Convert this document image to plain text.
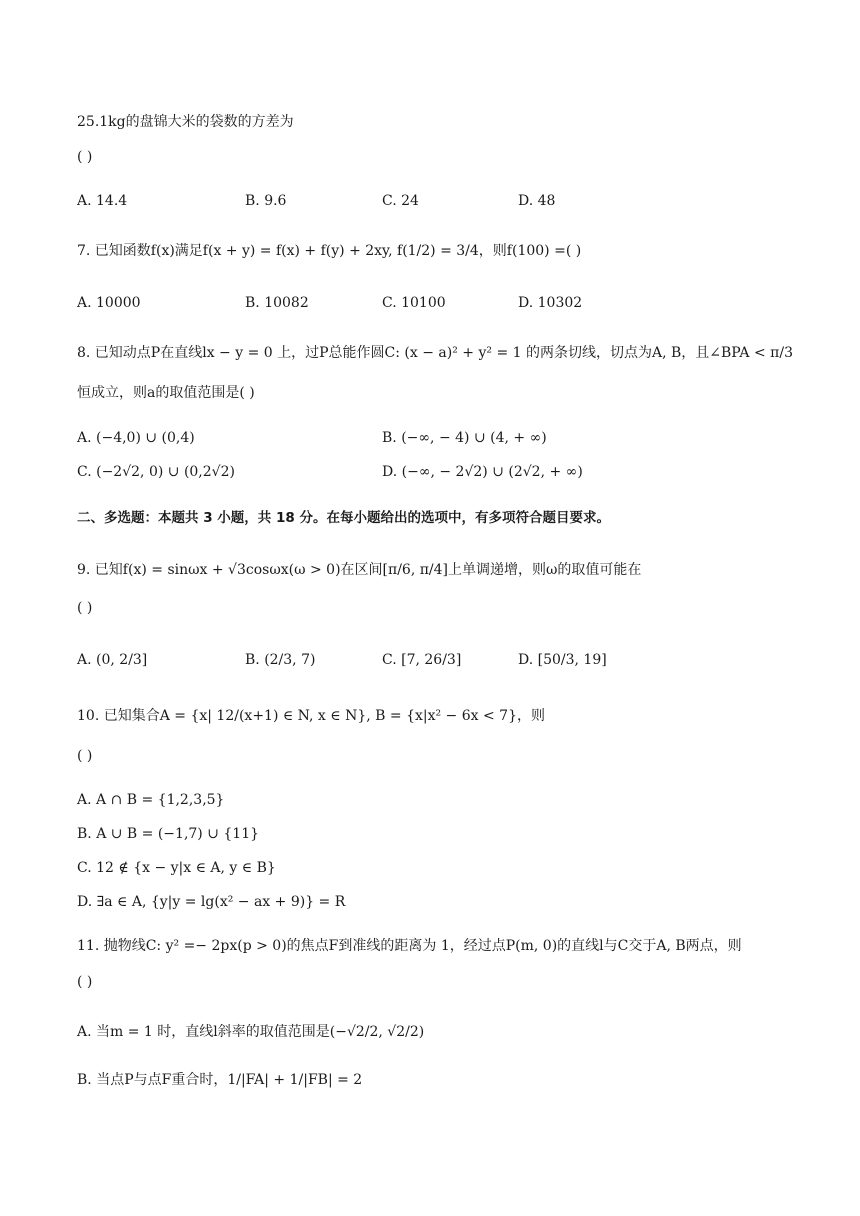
25.1kg的盘锦大米的袋数的方差为
( )
A. 14.4	B. 9.6	C. 24	D. 48
7. 已知函数f(x)满足f(x + y) = f(x) + f(y) + 2xy, f(1/2) = 3/4，则f(100) =( )
A. 10000	B. 10082	C. 10100	D. 10302
8. 已知动点P在直线lx − y = 0 上，过P总能作圆C: (x − a)² + y² = 1 的两条切线，切点为A, B，且∠BPA < π/3
恒成立，则a的取值范围是( )
A. (−4,0) ∪ (0,4)	B. (−∞, − 4) ∪ (4, + ∞)
C. (−2√2, 0) ∪ (0,2√2)	D. (−∞, − 2√2) ∪ (2√2, + ∞)
二、多选题：本题共 3 小题，共 18 分。在每小题给出的选项中，有多项符合题目要求。
9. 已知f(x) = sinωx + √3cosωx(ω > 0)在区间[π/6, π/4]上单调递增，则ω的取值可能在
( )
A. (0, 2/3]	B. (2/3, 7)	C. [7, 26/3]	D. [50/3, 19]
10. 已知集合A = {x| 12/(x+1) ∈ N, x ∈ N}, B = {x|x² − 6x < 7}，则
( )
A. A ∩ B = {1,2,3,5}
B. A ∪ B = (−1,7) ∪ {11}
C. 12 ∉ {x − y|x ∈ A, y ∈ B}
D. ∃a ∈ A, {y|y = lg(x² − ax + 9)} = R
11. 抛物线C: y² =− 2px(p > 0)的焦点F到准线的距离为 1，经过点P(m, 0)的直线l与C交于A, B两点，则
( )
A. 当m = 1 时，直线l斜率的取值范围是(−√2/2, √2/2)
B. 当点P与点F重合时，1/|FA| + 1/|FB| = 2
